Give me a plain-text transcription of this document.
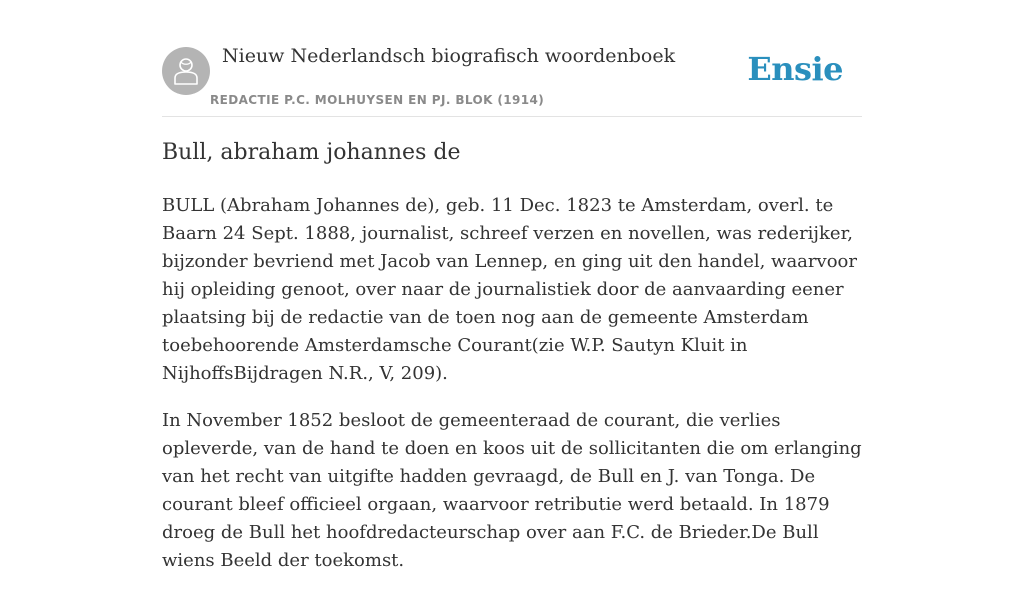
Nieuw Nederlandsch biografisch woordenboek
REDACTIE P.C. MOLHUYSEN EN PJ. BLOK (1914)
Ensie
Bull, abraham johannes de

BULL (Abraham Johannes de), geb. 11 Dec. 1823 te Amsterdam, overl. te Baarn 24 Sept. 1888, journalist, schreef verzen en novellen, was rederijker, bijzonder bevriend met Jacob van Lennep, en ging uit den handel, waarvoor hij opleiding genoot, over naar de journalistiek door de aanvaarding eener plaatsing bij de redactie van de toen nog aan de gemeente Amsterdam toebehoorende Amsterdamsche Courant(zie W.P. Sautyn Kluit in NijhoffsBijdragen N.R., V, 209).

In November 1852 besloot de gemeenteraad de courant, die verlies opleverde, van de hand te doen en koos uit de sollicitanten die om erlanging van het recht van uitgifte hadden gevraagd, de Bull en J. van Tonga. De courant bleef officieel orgaan, waarvoor retributie werd betaald. In 1879 droeg de Bull het hoofdredacteurschap over aan F.C. de Brieder.De Bull wiens Beeld der toekomst.
